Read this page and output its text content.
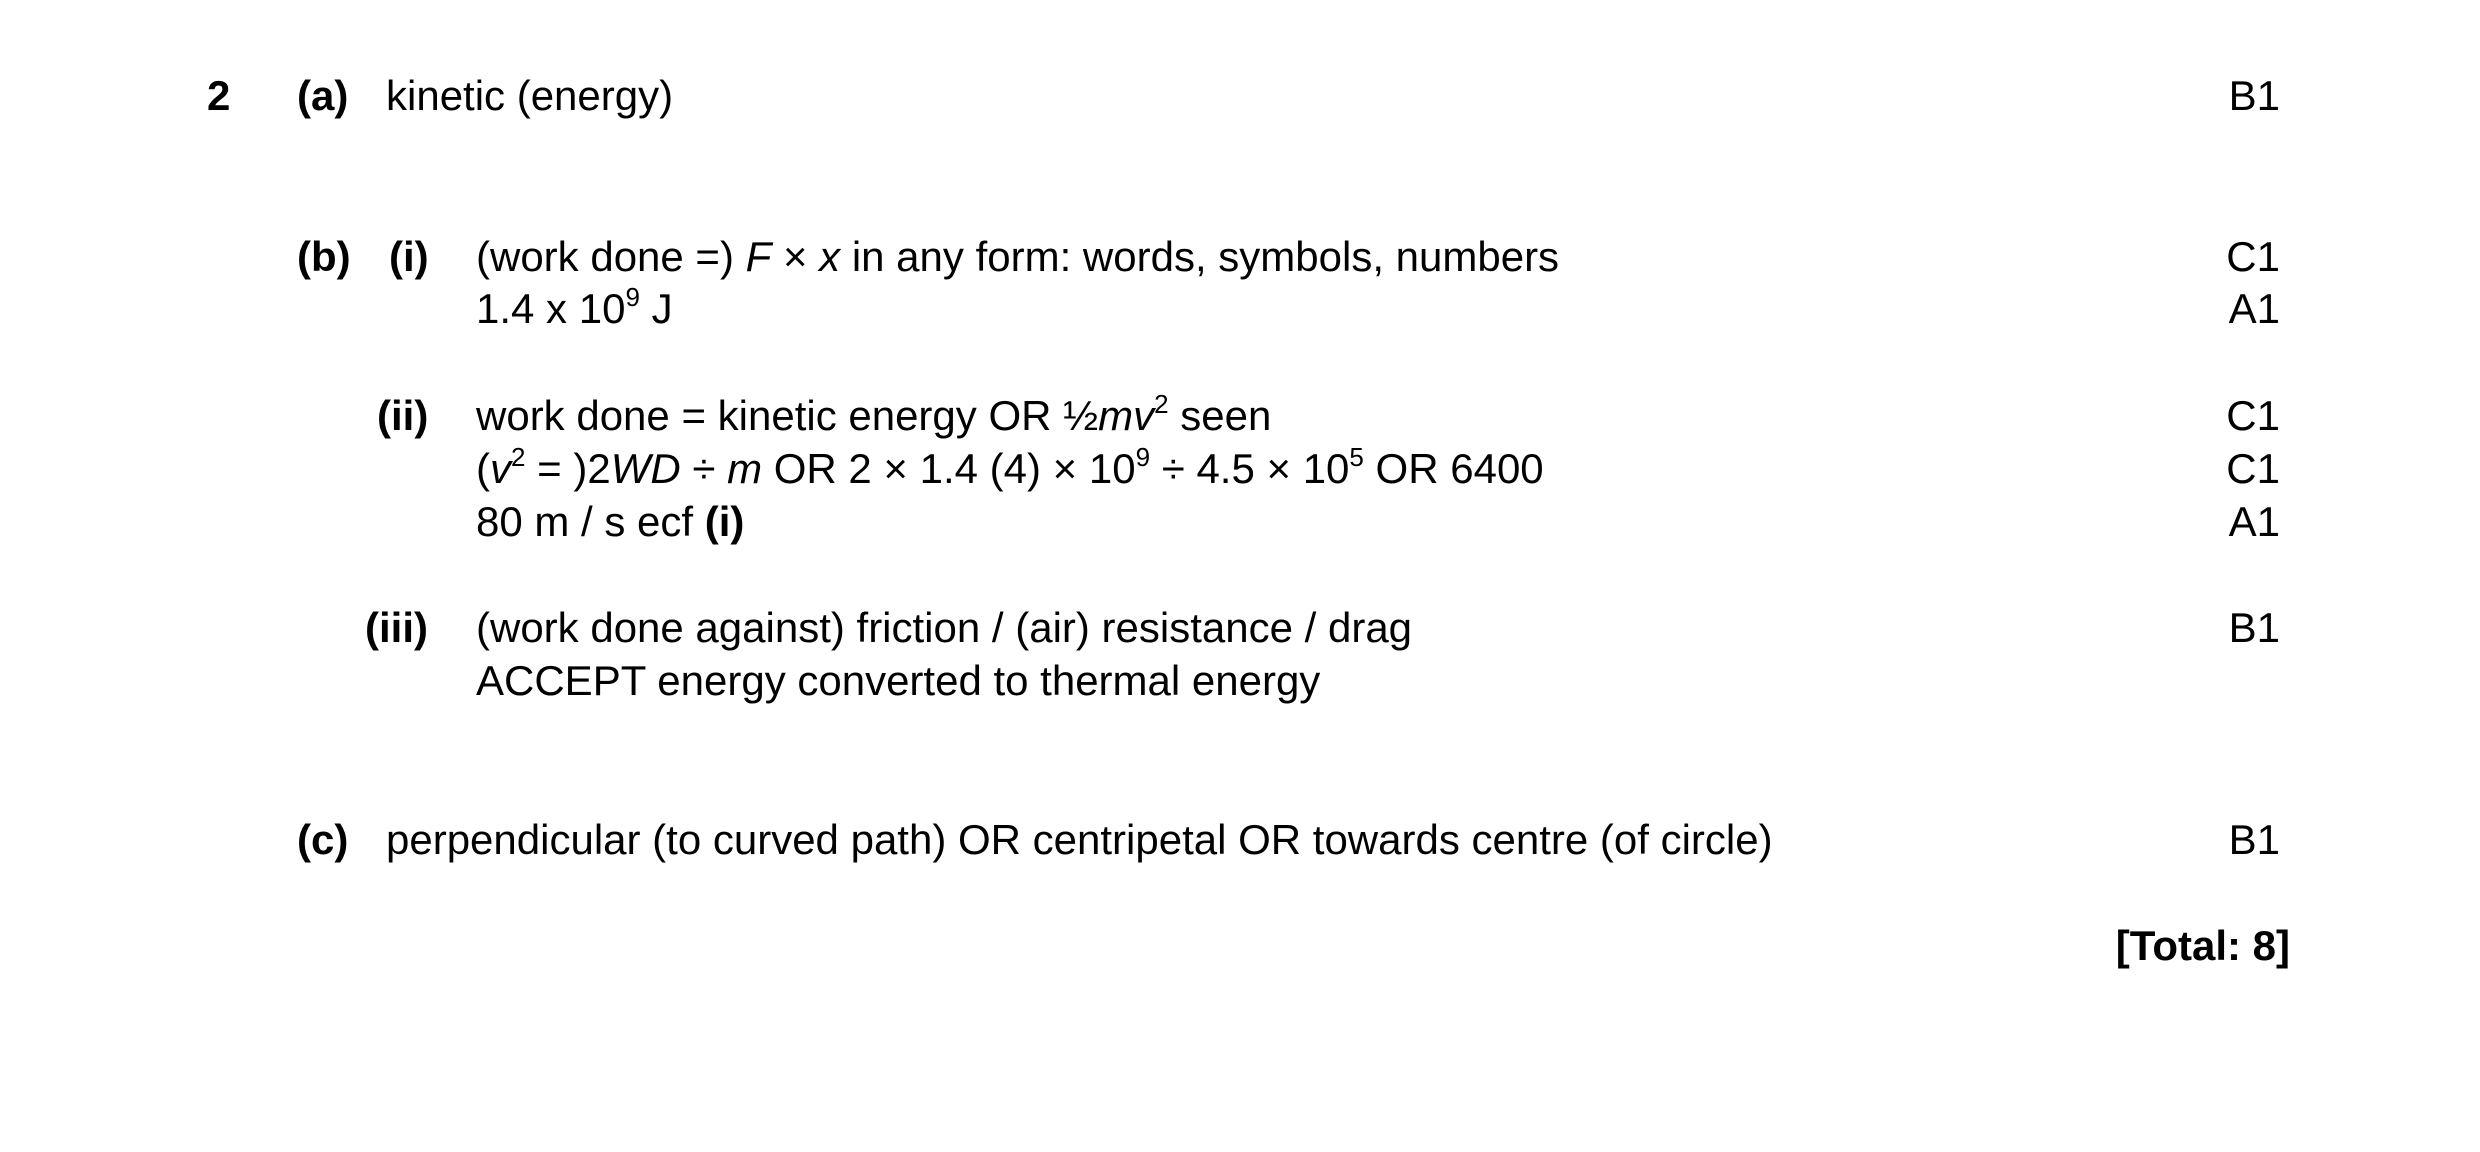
2 (a) kinetic (energy)	B1
(b) (i) (work done =) F × x in any form: words, symbols, numbers	C1
1.4 x $10^9$ J	A1
(ii) work done = kinetic energy OR $\frac{1}{2}mv^2$ seen	C1
$(v^2 = )2WD \div m$ OR 2 × 1.4 $(4) \times 10^9 \div 4.5 \times 10^5$ OR 6400	C1
80 m / s ecf (i)	A1
(iii) (work done against) friction / (air) resistance / drag	B1
ACCEPT energy converted to thermal energy
(c) perpendicular (to curved path) OR centripetal OR towards centre (of circle)	B1
[Total: 8]
